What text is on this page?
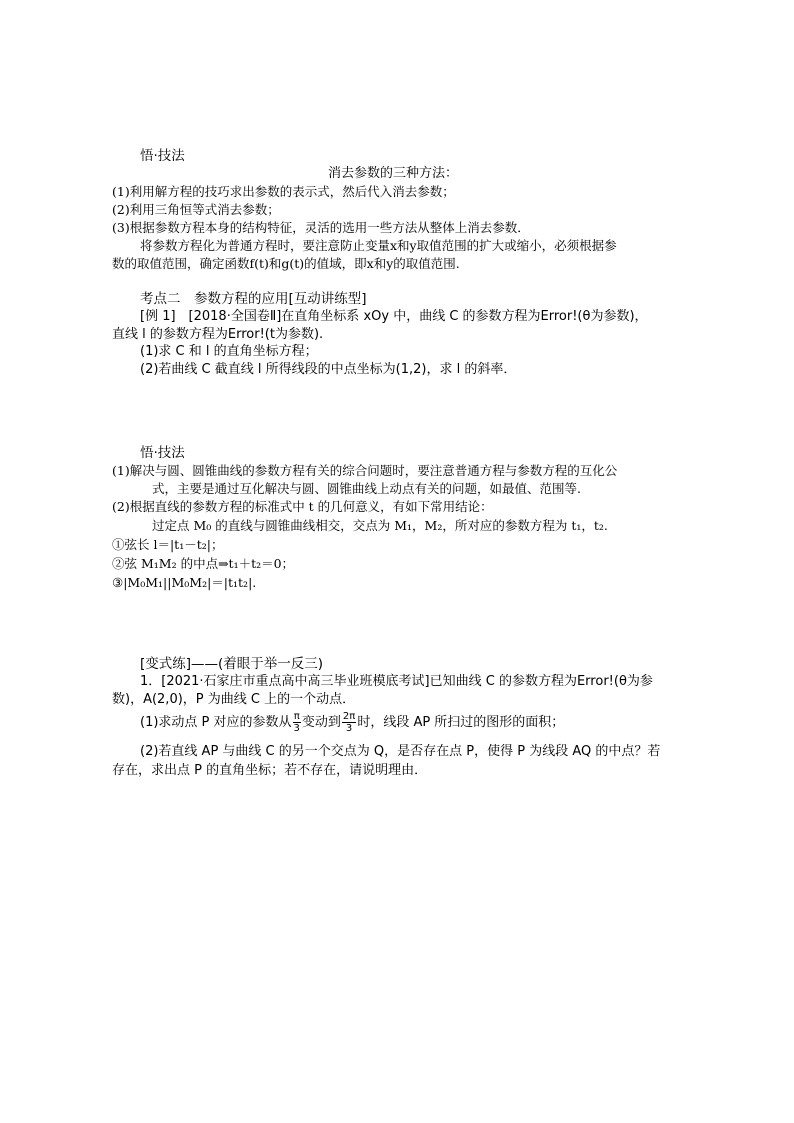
悟·技法
消去参数的三种方法：
(1)利用解方程的技巧求出参数的表示式，然后代入消去参数；
(2)利用三角恒等式消去参数；
(3)根据参数方程本身的结构特征，灵活的选用一些方法从整体上消去参数．
将参数方程化为普通方程时，要注意防止变量x和y取值范围的扩大或缩小，必须根据参
数的取值范围，确定函数f(t)和g(t)的值域，即x和y的取值范围.
考点二　参数方程的应用[互动讲练型]
[例 1]　[2018·全国卷Ⅱ]在直角坐标系 xOy 中，曲线 C 的参数方程为Error!(θ为参数)，
直线 l 的参数方程为Error!(t为参数).
(1)求 C 和 l 的直角坐标方程；
(2)若曲线 C 截直线 l 所得线段的中点坐标为(1,2)，求 l 的斜率．
悟·技法
(1)解决与圆、圆锥曲线的参数方程有关的综合问题时，要注意普通方程与参数方程的互化公
式，主要是通过互化解决与圆、圆锥曲线上动点有关的问题，如最值、范围等.
(2)根据直线的参数方程的标准式中 t 的几何意义，有如下常用结论：
过定点 M₀ 的直线与圆锥曲线相交，交点为 M₁，M₂，所对应的参数方程为 t₁，t₂.
①弦长 l＝|t₁－t₂|；
②弦 M₁M₂ 的中点⇒t₁＋t₂＝0；
③|M₀M₁||M₀M₂|＝|t₁t₂|.
[变式练]——(着眼于举一反三)
1．[2021·石家庄市重点高中高三毕业班模底考试]已知曲线 C 的参数方程为Error!(θ为参
数)，A(2,0)，P 为曲线 C 上的一个动点．
(1)求动点 P 对应的参数从 $\frac{\pi}{3}$ 变动到 $\frac{2\pi}{3}$ 时，线段 AP 所扫过的图形的面积；
(2)若直线 AP 与曲线 C 的另一个交点为 Q，是否存在点 P，使得 P 为线段 AQ 的中点？若
存在，求出点 P 的直角坐标；若不存在，请说明理由．
